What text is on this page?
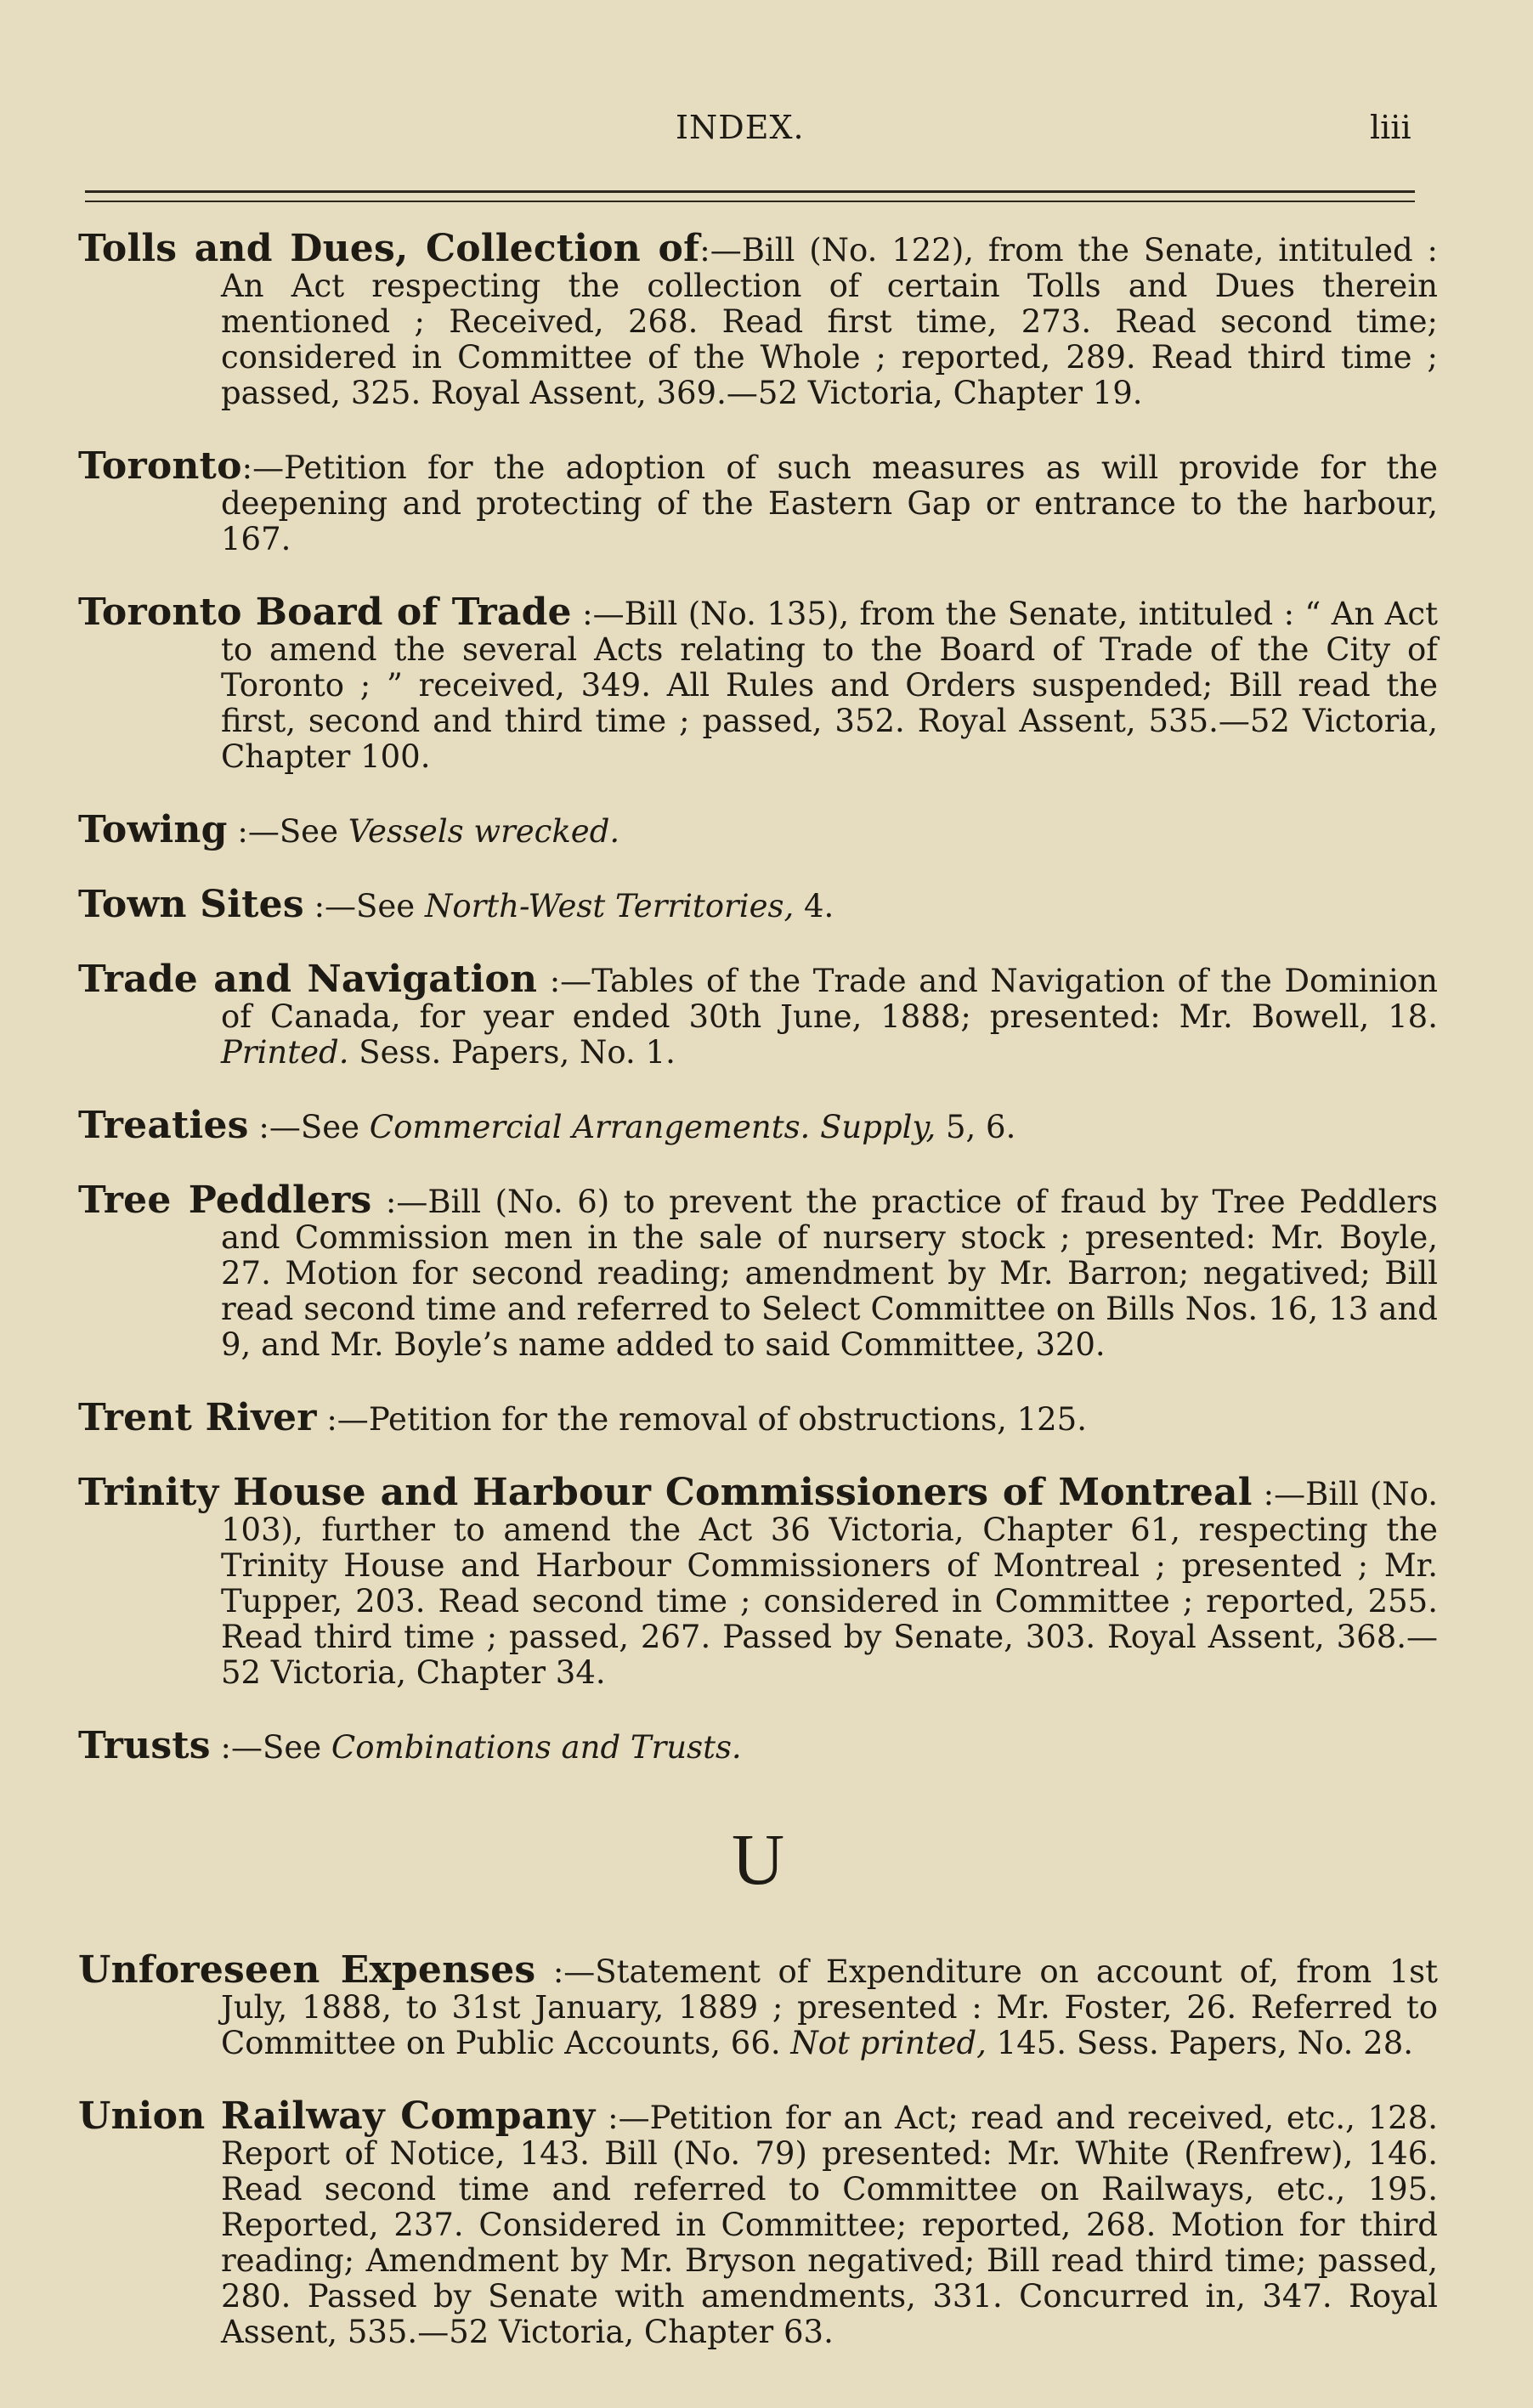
INDEX.	liii
Tolls and Dues, Collection of:—Bill (No. 122), from the Senate, intituled : An Act respecting the collection of certain Tolls and Dues therein mentioned ; Received, 268. Read first time, 273. Read second time; considered in Committee of the Whole ; reported, 289. Read third time ; passed, 325. Royal Assent, 369.—52 Victoria, Chapter 19.
Toronto:—Petition for the adoption of such measures as will provide for the deepening and protecting of the Eastern Gap or entrance to the harbour, 167.
Toronto Board of Trade :—Bill (No. 135), from the Senate, intituled : “ An Act to amend the several Acts relating to the Board of Trade of the City of Toronto ; ” received, 349. All Rules and Orders suspended; Bill read the first, second and third time ; passed, 352. Royal Assent, 535.—52 Victoria, Chapter 100.
Towing :—See Vessels wrecked.
Town Sites :—See North-West Territories, 4.
Trade and Navigation :—Tables of the Trade and Navigation of the Dominion of Canada, for year ended 30th June, 1888; presented: Mr. Bowell, 18. Printed. Sess. Papers, No. 1.
Treaties :—See Commercial Arrangements. Supply, 5, 6.
Tree Peddlers :—Bill (No. 6) to prevent the practice of fraud by Tree Peddlers and Commission men in the sale of nursery stock ; presented: Mr. Boyle, 27. Motion for second reading; amendment by Mr. Barron; negatived; Bill read second time and referred to Select Committee on Bills Nos. 16, 13 and 9, and Mr. Boyle’s name added to said Committee, 320.
Trent River :—Petition for the removal of obstructions, 125.
Trinity House and Harbour Commissioners of Montreal :—Bill (No. 103), further to amend the Act 36 Victoria, Chapter 61, respecting the Trinity House and Harbour Commissioners of Montreal ; presented ; Mr. Tupper, 203. Read second time ; considered in Committee ; reported, 255. Read third time ; passed, 267. Passed by Senate, 303. Royal Assent, 368.—52 Victoria, Chapter 34.
Trusts :—See Combinations and Trusts.
U
Unforeseen Expenses :—Statement of Expenditure on account of, from 1st July, 1888, to 31st January, 1889 ; presented : Mr. Foster, 26. Referred to Committee on Public Accounts, 66. Not printed, 145. Sess. Papers, No. 28.
Union Railway Company :—Petition for an Act; read and received, etc., 128. Report of Notice, 143. Bill (No. 79) presented: Mr. White (Renfrew), 146. Read second time and referred to Committee on Railways, etc., 195. Reported, 237. Considered in Committee; reported, 268. Motion for third reading; Amendment by Mr. Bryson negatived; Bill read third time; passed, 280. Passed by Senate with amendments, 331. Concurred in, 347. Royal Assent, 535.—52 Victoria, Chapter 63.
